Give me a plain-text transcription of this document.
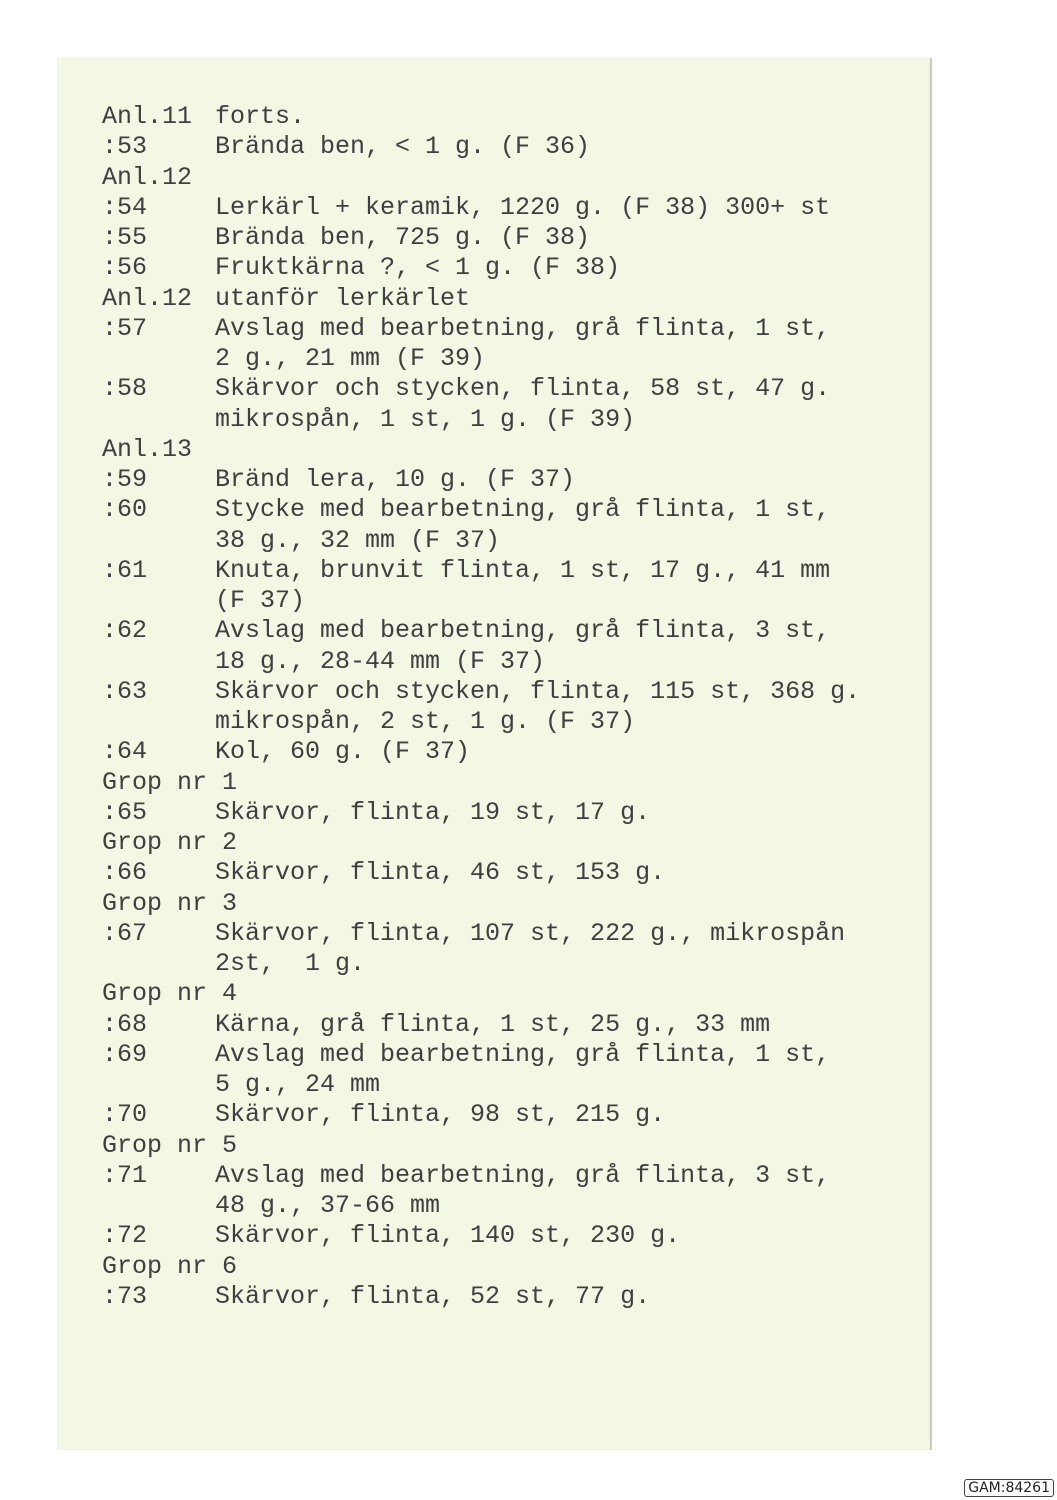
Anl.11 forts.
:53	Brända ben, < 1 g. (F 36)
Anl.12
:54	Lerkärl + keramik, 1220 g. (F 38) 300+ st
:55	Brända ben, 725 g. (F 38)
:56	Fruktkärna ?, < 1 g. (F 38)
Anl.12 utanför lerkärlet
:57	Avslag med bearbetning, grå flinta, 1 st,
2 g., 21 mm (F 39)
:58	Skärvor och stycken, flinta, 58 st, 47 g.
mikrospån, 1 st, 1 g. (F 39)
Anl.13
:59	Bränd lera, 10 g. (F 37)
:60	Stycke med bearbetning, grå flinta, 1 st,
38 g., 32 mm (F 37)
:61	Knuta, brunvit flinta, 1 st, 17 g., 41 mm
(F 37)
:62	Avslag med bearbetning, grå flinta, 3 st,
18 g., 28-44 mm (F 37)
:63	Skärvor och stycken, flinta, 115 st, 368 g.
mikrospån, 2 st, 1 g. (F 37)
:64	Kol, 60 g. (F 37)
Grop nr 1
:65	Skärvor, flinta, 19 st, 17 g.
Grop nr 2
:66	Skärvor, flinta, 46 st, 153 g.
Grop nr 3
:67	Skärvor, flinta, 107 st, 222 g., mikrospån
2st,  1 g.
Grop nr 4
:68	Kärna, grå flinta, 1 st, 25 g., 33 mm
:69	Avslag med bearbetning, grå flinta, 1 st,
5 g., 24 mm
:70	Skärvor, flinta, 98 st, 215 g.
Grop nr 5
:71	Avslag med bearbetning, grå flinta, 3 st,
48 g., 37-66 mm
:72	Skärvor, flinta, 140 st, 230 g.
Grop nr 6
:73	Skärvor, flinta, 52 st, 77 g.
GAM:84261
